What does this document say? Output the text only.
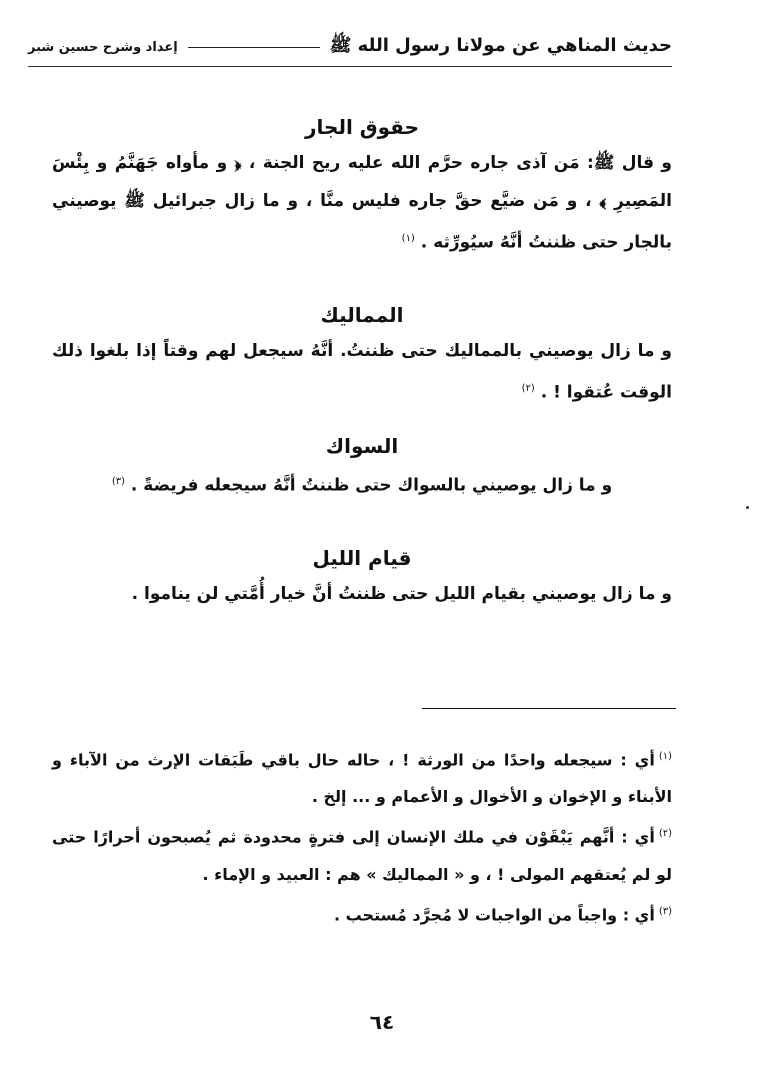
حديث المناهي عن مولانا رسول الله ﷺ
إعداد وشرح حسين شبر
حقوق الجار

و قال ﷺ: مَن آذى جاره حرَّم الله عليه ريح الجنة ، ﴿ و مأواه جَهَنَّمُ و بِئْسَ المَصِيرِ ﴾ ، و مَن ضيَّع حقَّ جاره فليس منَّا ، و ما زال جبرائيل ﷺ يوصيني بالجار حتى ظننتُ أنَّهُ سيُورِّثه . $^{(١)}$

المماليك

و ما زال يوصيني بالمماليك حتى ظننتُ. أنَّهُ سيجعل لهم وقتاً إذا بلغوا ذلك الوقت عُتقوا ! . $^{(٢)}$

السواك

و ما زال يوصيني بالسواك حتى ظننتُ أنَّهُ سيجعله فريضةً . $^{(٣)}$

قيام الليل

و ما زال يوصيني بقيام الليل حتى ظننتُ أنَّ خيار أُمَّتي لن يناموا .

$^{(١)}$أي : سيجعله واحدًا من الورثة ! ، حاله حال باقي طَبَقات الإرث من الآباء و الأبناء و الإخوان و الأخوال و الأعمام و ... إلخ .

$^{(٢)}$أي : أنَّهم يَبْقَوْن في ملك الإنسان إلى فترةٍ محدودة ثم يُصبحون أحرارًا حتى لو لم يُعتقهم المولى ! ، و « المماليك » هم : العبيد و الإماء .

$^{(٣)}$أي : واجباً من الواجبات لا مُجرَّد مُستحب .

٦٤
